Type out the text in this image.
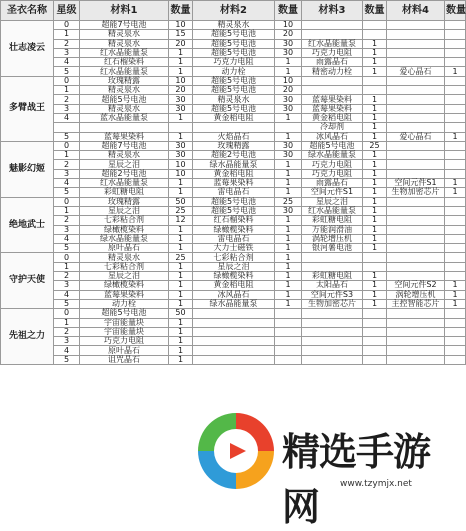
圣衣名称	星级	材料1	数量	材料2	数量	材料3	数量	材料4	数量
壮志凌云	0	超能7号电池	10	精灵泉水	10				
	1	精灵泉水	15	超能5号电池	20				
	2	精灵泉水	20	超能5号电池	30	红水晶能量泵	1		
	3	红水晶能量泵	1	超能5号电池	30	巧克力电阻	1		
	4	红石榴染料	1	巧克力电阻	1	雨露晶石	1		
	5	红水晶能量泵	1	动力栓	1	精密动力栓	1	爱心晶石	1
多臂战王	0	玫瑰精露	10	超能5号电池	10				
	1	精灵泉水	20	超能5号电池	20				
	2	超能5号电池	30	精灵泉水	30	蓝莓果染料	1		
	3	精灵泉水	30	超能5号电池	30	蓝莓果染料	1		
	4	蓝水晶能量泵	1	黄金稻电阻	1	黄金稻电阻	1		
						冷却剂	1		
	5	蓝莓果染料	1	火焰晶石	1	冰风晶石	1	爱心晶石	1
魅影幻姬	0	超能7号电池	30	玫瑰精露	30	超能5号电池	25		
	1	精灵泉水	30	超能2号电池	30	绿水晶能量泵	1		
	2	星辰之泪	10	绿水晶能量泵	1	巧克力电阻	1		
	3	超能2号电池	10	黄金稻电阻	1	巧克力电阻	1		
	4	红水晶能量泵	1	蓝莓果染料	1	雨露晶石	1	空间元件S1	1
	5	彩虹糖电阻	1	雷电晶石	1	空间元件S1	1	生物加密芯片	1
绝地武士	0	玫瑰精露	50	超能5号电池	25	星辰之泪	1		
	1	星辰之泪	25	超能5号电池	30	红水晶能量泵	1		
	2	七彩粘合剂	12	红石榴染料	1	彩虹糖电阻	1		
	3	绿橄榄染料	1	绿橄榄染料	1	万能润滑油	1		
	4	绿水晶能量泵	1	雷电晶石	1	涡轮增压机	1		
	5	原叶晶石	1	大力士磁铁	1	银河薯电池	1		
守护天使	0	精灵泉水	25	七彩粘合剂	1				
	1	七彩粘合剂	1	星辰之泪	1				
	2	星辰之泪	1	绿橄榄染料	1	彩虹糖电阻	1		
	3	绿橄榄染料	1	黄金稻电阻	1	太阳晶石	1	空间元件S2	1
	4	蓝莓果染料	1	冰风晶石	1	空间元件S3	1	涡轮增压机	1
	5	动力栓	1	绿水晶能量泵	1	生物加密芯片	1	主控智能芯片	1
先祖之力	0	超能5号电池	50						
	1	宇宙能量块	1						
	2	宇宙能量块	1						
	3	巧克力电阻	1						
	4	原叶晶石	1						
	5	诅咒晶石	1						
精选手游网
www.tzymjx.net
